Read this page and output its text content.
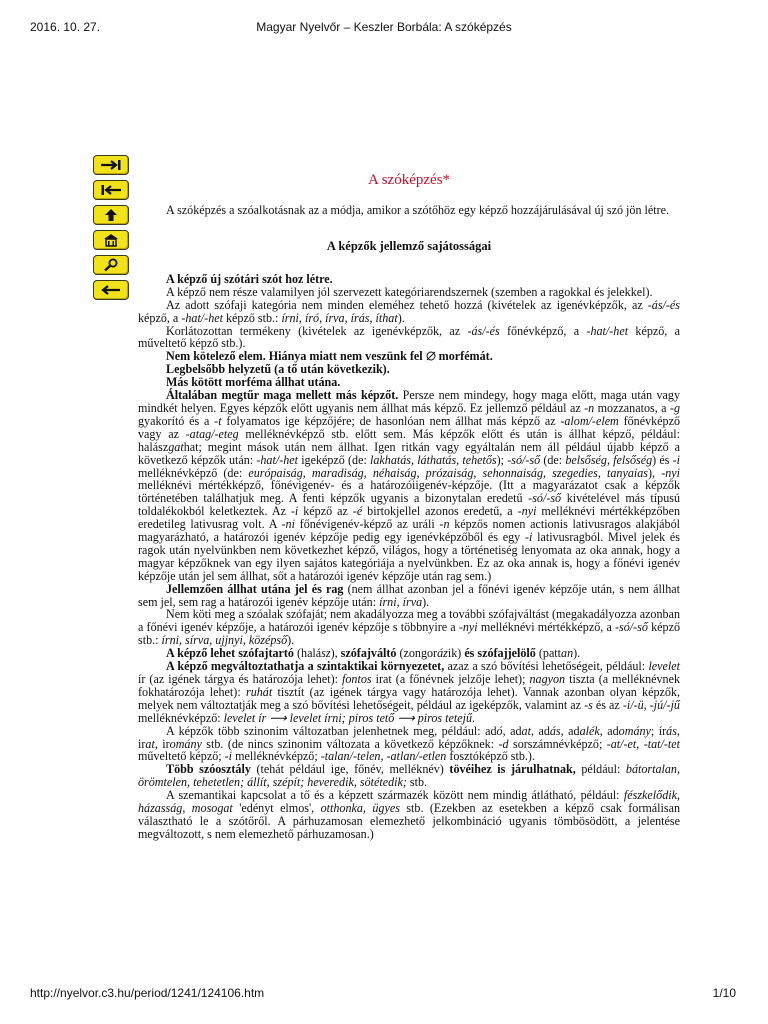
2016. 10. 27.	Magyar Nyelvőr – Keszler Borbála: A szóképzés
A szóképzés*

A szóképzés a szóalkotásnak az a módja, amikor a szótőhöz egy képző hozzájárulásával új szó jön létre.

A képzők jellemző sajátosságai

A képző új szótári szót hoz létre.

A képző nem része valamilyen jól szervezett kategóriarendszernek (szemben a ragokkal és jelekkel).

Az adott szófaji kategória nem minden eleméhez tehető hozzá (kivételek az igenévképzők, az -ás/-és képző, a -hat/-het képző stb.: írni, író, írva, írás, íthat).

Korlátozottan termékeny (kivételek az igenévképzők, az -ás/-és főnévképző, a -hat/-het képző, a műveltető képző stb.).

Nem kötelező elem. Hiánya miatt nem veszünk fel morfémát.

Legbelsőbb helyzetű (a tő után következik).

Más kötött morféma állhat utána.

Általában megtűr maga mellett más képzőt. Persze nem mindegy, hogy maga előtt, maga után vagy mindkét helyen. Egyes képzők előtt ugyanis nem állhat más képző. Ez jellemző például az -n mozzanatos, a -g gyakorító és a -t folyamatos ige képzőjére; de hasonlóan nem állhat más képző az -alom/-elem főnévképző vagy az -atag/-eteg melléknévképző stb. előtt sem. Más képzők előtt és után is állhat képző, például: halászgathat; megint mások után nem állhat. Igen ritkán vagy egyáltalán nem áll például újabb képző a következő képzők után: -hat/-het igeképző (de: lakhatás, láthatás, tehetős); -só/-ső (de: belsőség, felsőség) és -i melléknévképző (de: európaiság, maradiság, néhaiság, prózaiság, sehonnaiság, szegedies, tanyaias), -nyi melléknévi mértékképző, főnévigenév- és a határozóiigenév-képzője. (Itt a magyarázatot csak a képzők történetében találhatjuk meg. A fenti képzők ugyanis a bizonytalan eredetű -só/-ső kivételével más típusú toldalékokból keletkeztek. Az -i képző az -é birtokjellel azonos eredetű, a -nyi melléknévi mértékképzőben eredetileg lativusrag volt. A -ni főnévigenév-képző az uráli -n képzős nomen actionis lativusragos alakjából magyarázható, a határozói igenév képzője pedig egy igenévképzőből és egy -i lativusragból. Mivel jelek és ragok után nyelvünkben nem következhet képző, világos, hogy a történetiség lenyomata az oka annak, hogy a magyar képzőknek van egy ilyen sajátos kategóriája a nyelvünkben. Ez az oka annak is, hogy a főnévi igenév képzője után jel sem állhat, sőt a határozói igenév képzője után rag sem.)

Jellemzően állhat utána jel és rag (nem állhat azonban jel a főnévi igenév képzője után, s nem állhat sem jel, sem rag a határozói igenév képzője után: írni, írva).

Nem köti meg a szóalak szófaját; nem akadályozza meg a további szófajváltást (megakadályozza azonban a főnévi igenév képzője, a határozói igenév képzője s többnyire a -nyi melléknévi mértékképző, a -só/-ső képző stb.: írni, sírva, ujjnyi, középső).

A képző lehet szófajtartó (halász), szófajváltó (zongorázik) és szófajjelölő (pattan).

A képző megváltoztathatja a szintaktikai környezetet, azaz a szó bővítési lehetőségeit, például: levelet ír (az igének tárgya és határozója lehet): fontos irat (a főnévnek jelzője lehet); nagyon tiszta (a melléknévnek fokhatározója lehet): ruhát tisztít (az igének tárgya vagy határozója lehet). Vannak azonban olyan képzők, melyek nem változtatják meg a szó bővítési lehetőségeit, például az igeképzők, valamint az -s és az -i/-ü, -jú/-jű melléknévképző: levelet ír ⟶ levelet írni; piros tető ⟶ piros tetejű.

A képzők több szinonim változatban jelenhetnek meg, például: adó, adat, adás, adalék, adomány; írás, irat, iromány stb. (de nincs szinonim változata a következő képzőknek: -d sorszámnévképző; -at/-et, -tat/-tet műveltető képző; -i melléknévképző; -talan/-telen, -atlan/-etlen fosztóképző stb.).

Több szóosztály (tehát például ige, főnév, melléknév) tövéihez is járulhatnak, például: bátortalan, örömtelen, tehetetlen; állít, szépít; heveredik, sötétedik; stb.

A szemantikai kapcsolat a tő és a képzett származék között nem mindig átlátható, például: fészkelődik, házasság, mosogat 'edényt elmos', otthonka, ügyes stb. (Ezekben az esetekben a képző csak formálisan választható le a szótőről. A párhuzamosan elemezhető jelkombináció ugyanis tömbösödött, a jelentése megváltozott, s nem elemezhető párhuzamosan.)

http://nyelvor.c3.hu/period/1241/124106.htm	1/10
